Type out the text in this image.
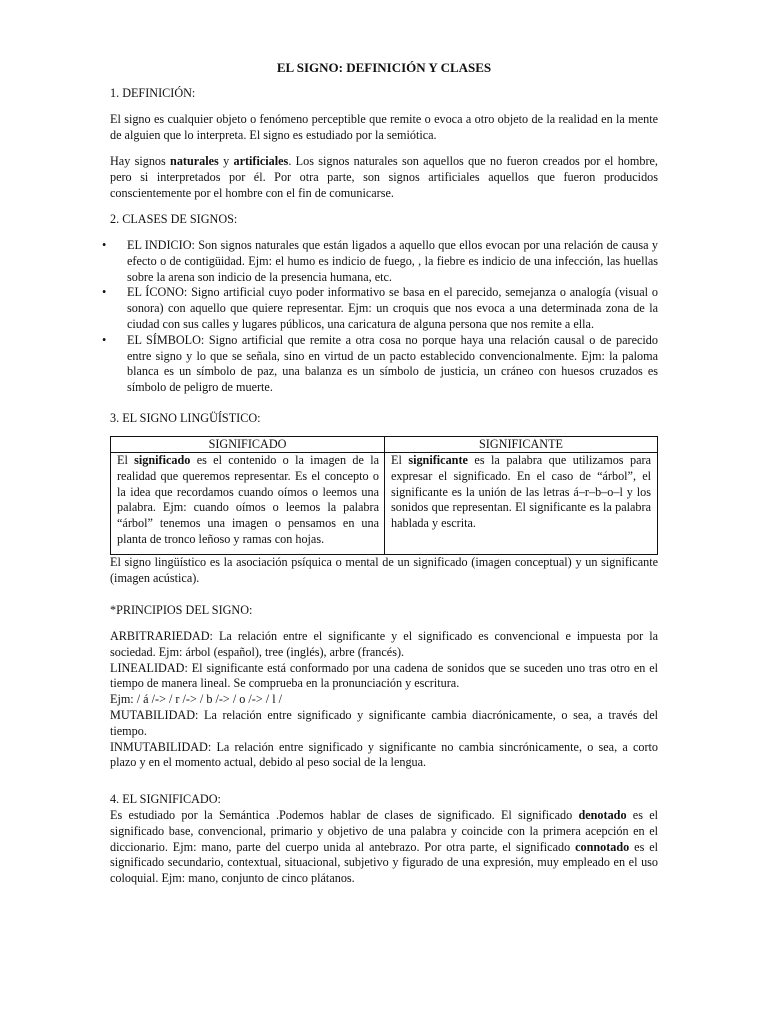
EL SIGNO: DEFINICIÓN Y CLASES
1. DEFINICIÓN:
El signo es cualquier objeto o fenómeno perceptible que remite o evoca a otro objeto de la realidad en la mente de alguien que lo interpreta. El signo es estudiado por la semiótica.
Hay signos naturales y artificiales. Los signos naturales son aquellos que no fueron creados por el hombre, pero si interpretados por él. Por otra parte, son signos artificiales aquellos que fueron producidos conscientemente por el hombre con el fin de comunicarse.
2. CLASES DE SIGNOS:
• EL INDICIO: Son signos naturales que están ligados a aquello que ellos evocan por una relación de causa y efecto o de contigüidad. Ejm: el humo es indicio de fuego, , la fiebre es indicio de una infección, las huellas sobre la arena son indicio de la presencia humana, etc.
• EL ÍCONO: Signo artificial cuyo poder informativo se basa en el parecido, semejanza o analogía (visual o sonora) con aquello que quiere representar. Ejm: un croquis que nos evoca a una determinada zona de la ciudad con sus calles y lugares públicos, una caricatura de alguna persona que nos remite a ella.
• EL SÍMBOLO: Signo artificial que remite a otra cosa no porque haya una relación causal o de parecido entre signo y lo que se señala, sino en virtud de un pacto establecido convencionalmente. Ejm: la paloma blanca es un símbolo de paz, una balanza es un símbolo de justicia, un cráneo con huesos cruzados es símbolo de peligro de muerte.
3. EL SIGNO LINGÜÍSTICO:
SIGNIFICADO	SIGNIFICANTE
El significado es el contenido o la imagen de la realidad que queremos representar. Es el concepto o la idea que recordamos cuando oímos o leemos una palabra. Ejm: cuando oímos o leemos la palabra “árbol” tenemos una imagen o pensamos en una planta de tronco leñoso y ramas con hojas.
El significante es la palabra que utilizamos para expresar el significado. En el caso de “árbol”, el significante es la unión de las letras á–r–b–o–l y los sonidos que representan. El significante es la palabra hablada y escrita.
El signo lingüístico es la asociación psíquica o mental de un significado (imagen conceptual) y un significante (imagen acústica).
*PRINCIPIOS DEL SIGNO:
ARBITRARIEDAD: La relación entre el significante y el significado es convencional e impuesta por la sociedad. Ejm: árbol (español), tree (inglés), arbre (francés).
LINEALIDAD: El significante está conformado por una cadena de sonidos que se suceden uno tras otro en el tiempo de manera lineal. Se comprueba en la pronunciación y escritura.
Ejm: / á /-> / r /-> / b /-> / o /-> / l /
MUTABILIDAD: La relación entre significado y significante cambia diacrónicamente, o sea, a través del tiempo.
INMUTABILIDAD: La relación entre significado y significante no cambia sincrónicamente, o sea, a corto plazo y en el momento actual, debido al peso social de la lengua.
4. EL SIGNIFICADO:
Es estudiado por la Semántica .Podemos hablar de clases de significado. El significado denotado es el significado base, convencional, primario y objetivo de una palabra y coincide con la primera acepción en el diccionario. Ejm: mano, parte del cuerpo unida al antebrazo. Por otra parte, el significado connotado es el significado secundario, contextual, situacional, subjetivo y figurado de una expresión, muy empleado en el uso coloquial. Ejm: mano, conjunto de cinco plátanos.
